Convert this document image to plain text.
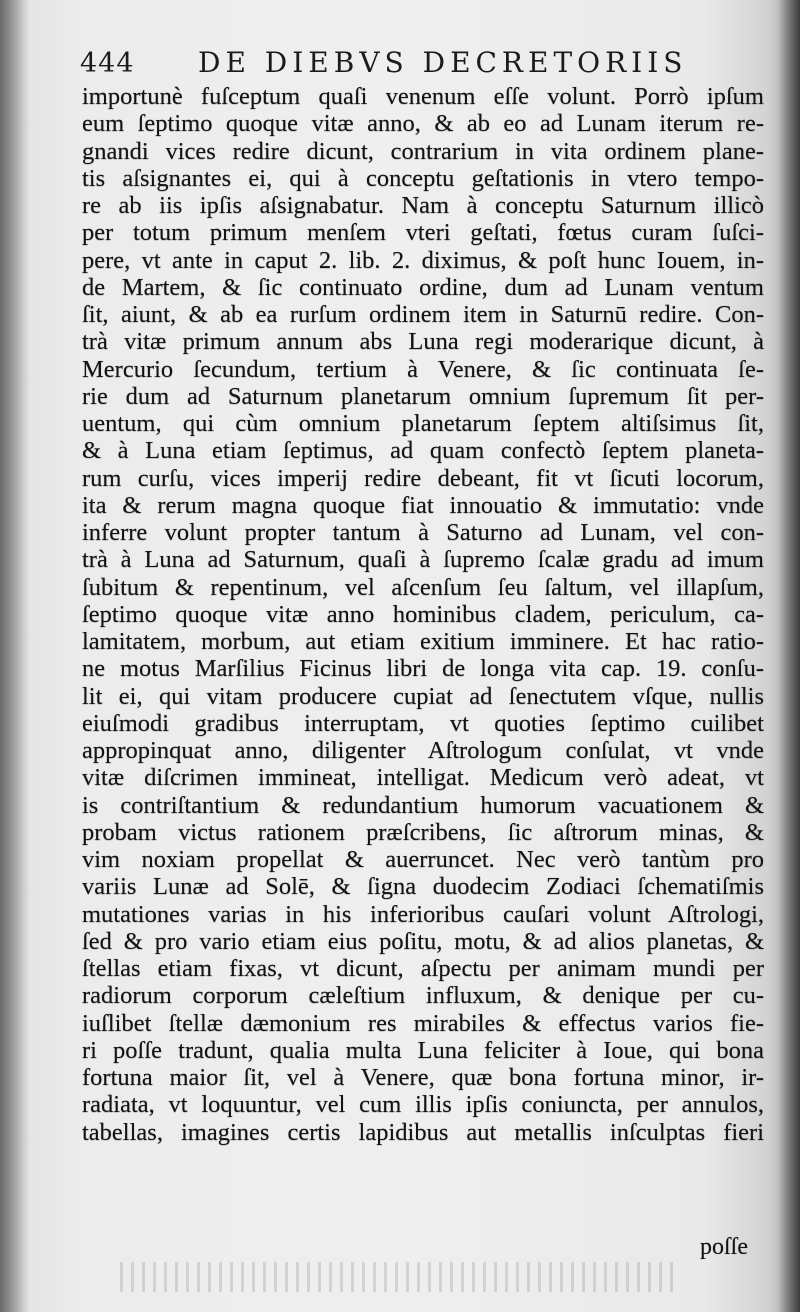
444 DE DIEBVS DECRETORIIS
importunè fuſceptum quaſi venenum eſſe volunt. Porrò ipſum
eum ſeptimo quoque vitæ anno, & ab eo ad Lunam iterum re-
gnandi vices redire dicunt, contrarium in vita ordinem plane-
tis aſsignantes ei, qui à conceptu geſtationis in vtero tempo-
re ab iis ipſis aſsignabatur. Nam à conceptu Saturnum illicò
per totum primum menſem vteri geſtati, fœtus curam ſuſci-
pere, vt ante in caput 2. lib. 2. diximus, & poſt hunc Iouem, in-
de Martem, & ſic continuato ordine, dum ad Lunam ventum
ſit, aiunt, & ab ea rurſum ordinem item in Saturnū redire. Con-
trà vitæ primum annum abs Luna regi moderarique dicunt, à
Mercurio ſecundum, tertium à Venere, & ſic continuata ſe-
rie dum ad Saturnum planetarum omnium ſupremum ſit per-
uentum, qui cùm omnium planetarum ſeptem altiſsimus ſit,
& à Luna etiam ſeptimus, ad quam confectò ſeptem planeta-
rum curſu, vices imperij redire debeant, fit vt ſicuti locorum,
ita & rerum magna quoque fiat innouatio & immutatio: vnde
inferre volunt propter tantum à Saturno ad Lunam, vel con-
trà à Luna ad Saturnum, quaſi à ſupremo ſcalæ gradu ad imum
ſubitum & repentinum, vel aſcenſum ſeu ſaltum, vel illapſum,
ſeptimo quoque vitæ anno hominibus cladem, periculum, ca-
lamitatem, morbum, aut etiam exitium imminere. Et hac ratio-
ne motus Marſilius Ficinus libri de longa vita cap. 19. conſu-
lit ei, qui vitam producere cupiat ad ſenectutem vſque, nullis
eiuſmodi gradibus interruptam, vt quoties ſeptimo cuilibet
appropinquat anno, diligenter Aſtrologum conſulat, vt vnde
vitæ diſcrimen immineat, intelligat. Medicum verò adeat, vt
is contriſtantium & redundantium humorum vacuationem &
probam victus rationem præſcribens, ſic aſtrorum minas, &
vim noxiam propellat & auerruncet. Nec verò tantùm pro
variis Lunæ ad Solē, & ſigna duodecim Zodiaci ſchematiſmis
mutationes varias in his inferioribus cauſari volunt Aſtrologi,
ſed & pro vario etiam eius poſitu, motu, & ad alios planetas, &
ſtellas etiam fixas, vt dicunt, aſpectu per animam mundi per
radiorum corporum cæleſtium influxum, & denique per cu-
iuſlibet ſtellæ dæmonium res mirabiles & effectus varios fie-
ri poſſe tradunt, qualia multa Luna feliciter à Ioue, qui bona
fortuna maior ſit, vel à Venere, quæ bona fortuna minor, ir-
radiata, vt loquuntur, vel cum illis ipſis coniuncta, per annulos,
tabellas, imagines certis lapidibus aut metallis inſculptas fieri
poſſe
